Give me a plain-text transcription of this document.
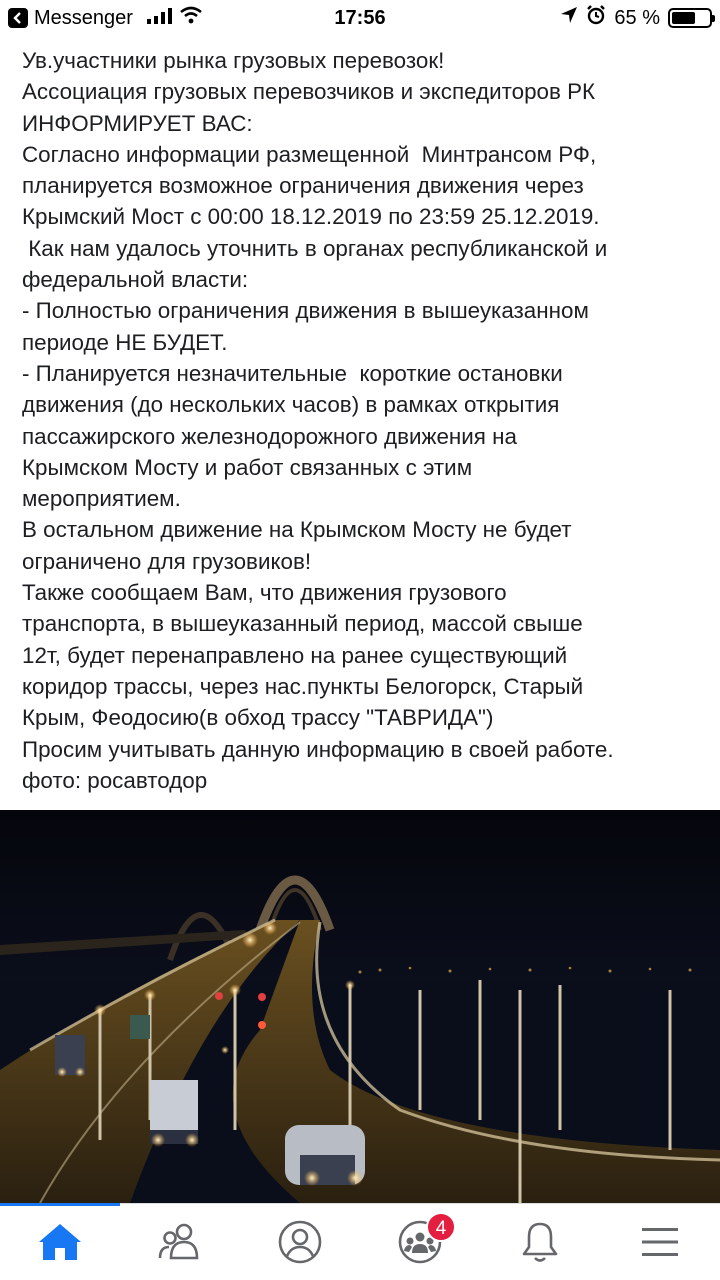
Messenger	17:56	65 %
Ув.участники рынка грузовых перевозок!
Ассоциация грузовых перевозчиков и экспедиторов РК
ИНФОРМИРУЕТ ВАС:
Согласно информации размещенной  Минтрансом РФ,
планируется возможное ограничения движения через
Крымский Мост с 00:00 18.12.2019 по 23:59 25.12.2019.
Как нам удалось уточнить в органах республиканской и
федеральной власти:
- Полностью ограничения движения в вышеуказанном
периоде НЕ БУДЕТ.
- Планируется незначительные  короткие остановки
движения (до нескольких часов) в рамках открытия
пассажирского железнодорожного движения на
Крымском Мосту и работ связанных с этим
мероприятием.
В остальном движение на Крымском Мосту не будет
ограничено для грузовиков!
Также сообщаем Вам, что движения грузового
транспорта, в вышеуказанный период, массой свыше
12т, будет перенаправлено на ранее существующий
коридор трассы, через нас.пункты Белогорск, Старый
Крым, Феодосию(в обход трассу "ТАВРИДА")
Просим учитывать данную информацию в своей работе.
фото: росавтодор
4
